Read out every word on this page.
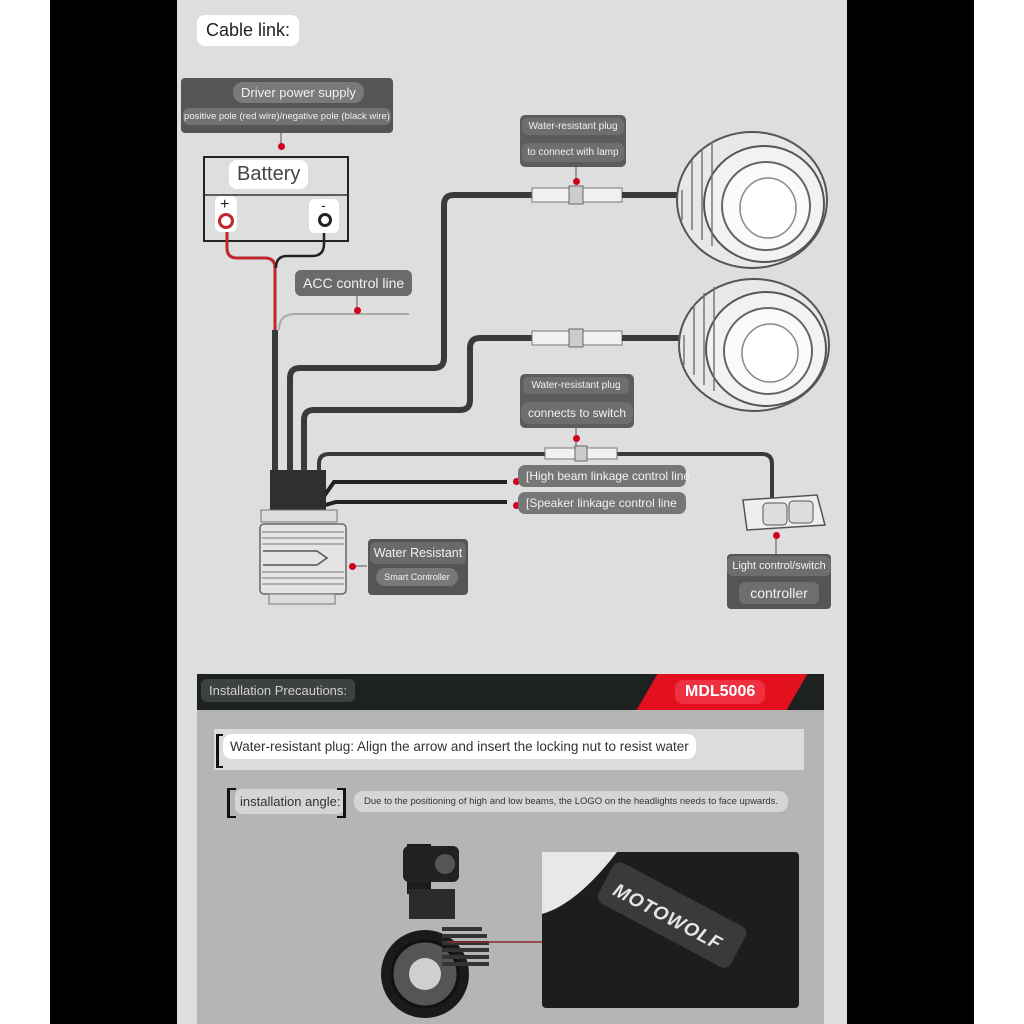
Cable link:
Driver power supply
positive pole (red wire)/negative pole (black wire)
Battery
+	-
ACC control line
Water-resistant plug
to connect with lamp
Water-resistant plug
connects to switch
[High beam linkage control line
[Speaker linkage control line
Water Resistant
Smart Controller
Light control/switch
controller
Installation Precautions:	MDL5006
Water-resistant plug: Align the arrow and insert the locking nut to resist water
installation angle:	Due to the positioning of high and low beams, the LOGO on the headlights needs to face upwards.
MOTOWOLF
